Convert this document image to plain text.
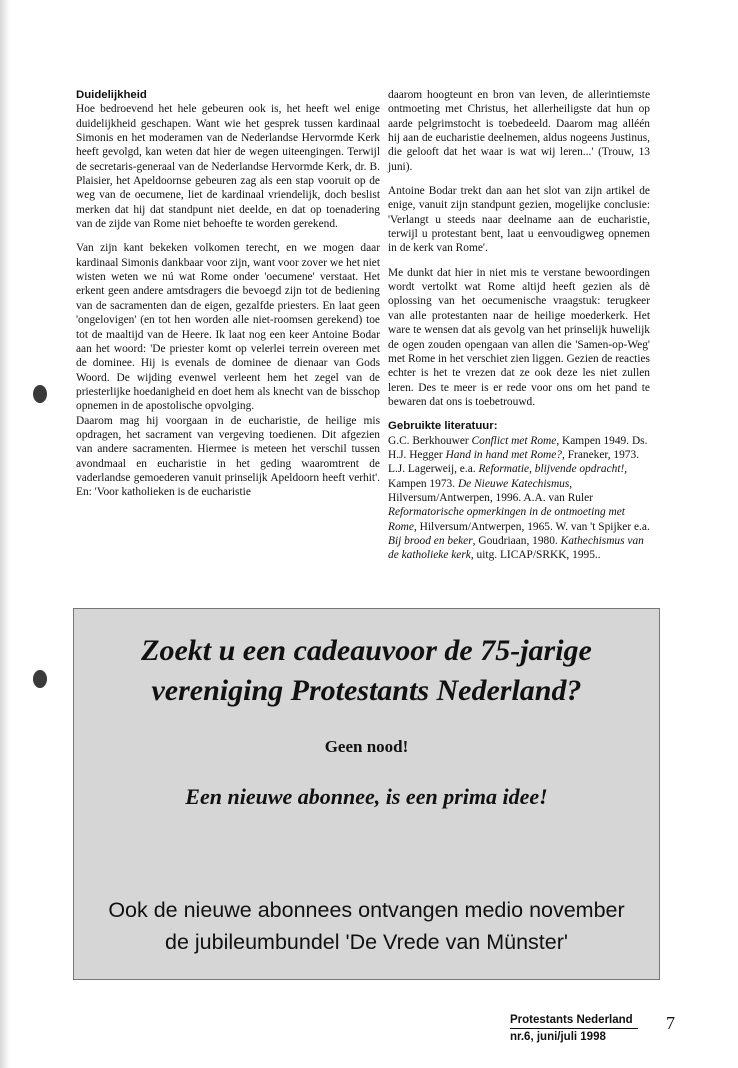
Duidelijkheid

Hoe bedroevend het hele gebeuren ook is, het heeft wel enige duidelijkheid geschapen. Want wie het gesprek tussen kardinaal Simonis en het moderamen van de Nederlandse Hervormde Kerk heeft gevolgd, kan weten dat hier de wegen uiteengingen. Terwijl de secretaris-generaal van de Nederlandse Hervormde Kerk, dr. B. Plaisier, het Apeldoornse gebeuren zag als een stap vooruit op de weg van de oecumene, liet de kardinaal vriendelijk, doch beslist merken dat hij dat standpunt niet deelde, en dat op toenadering van de zijde van Rome niet behoefte te worden gerekend.

Van zijn kant bekeken volkomen terecht, en we mogen daar kardinaal Simonis dankbaar voor zijn, want voor zover we het niet wisten weten we nú wat Rome onder 'oecumene' verstaat. Het erkent geen andere amtsdragers die bevoegd zijn tot de bediening van de sacramenten dan de eigen, gezalfde priesters. En laat geen 'ongelovigen' (en tot hen worden alle niet-roomsen gerekend) toe tot de maaltijd van de Heere. Ik laat nog een keer Antoine Bodar aan het woord: 'De priester komt op velerlei terrein overeen met de dominee. Hij is evenals de dominee de dienaar van Gods Woord. De wijding evenwel verleent hem het zegel van de priesterlijke hoedanigheid en doet hem als knecht van de bisschop opnemen in de apostolische opvolging.

Daarom mag hij voorgaan in de eucharistie, de heilige mis opdragen, het sacrament van vergeving toedienen. Dit afgezien van andere sacramenten. Hiermee is meteen het verschil tussen avondmaal en eucharistie in het geding waaromtrent de vaderlandse gemoederen vanuit prinselijk Apeldoorn heeft verhit'. En: 'Voor katholieken is de eucharistie

daarom hoogteunt en bron van leven, de allerintiemste ontmoeting met Christus, het allerheiligste dat hun op aarde pelgrimstocht is toebedeeld. Daarom mag alléén hij aan de eucharistie deelnemen, aldus nogeens Justinus, die gelooft dat het waar is wat wij leren...' (Trouw, 13 juni).

Antoine Bodar trekt dan aan het slot van zijn artikel de enige, vanuit zijn standpunt gezien, mogelijke conclusie: 'Verlangt u steeds naar deelname aan de eucharistie, terwijl u protestant bent, laat u eenvoudigweg opnemen in de kerk van Rome'.

Me dunkt dat hier in niet mis te verstane bewoordingen wordt vertolkt wat Rome altijd heeft gezien als dè oplossing van het oecumenische vraagstuk: terugkeer van alle protestanten naar de heilige moederkerk. Het ware te wensen dat als gevolg van het prinselijk huwelijk de ogen zouden opengaan van allen die 'Samen-op-Weg' met Rome in het verschiet zien liggen. Gezien de reacties echter is het te vrezen dat ze ook deze les niet zullen leren. Des te meer is er rede voor ons om het pand te bewaren dat ons is toebetrouwd.

Gebruikte literatuur:

G.C. Berkhouwer Conflict met Rome, Kampen 1949. Ds. H.J. Hegger Hand in hand met Rome?, Franeker, 1973. L.J. Lagerweij, e.a. Reformatie, blijvende opdracht!, Kampen 1973. De Nieuwe Katechismus, Hilversum/Antwerpen, 1996. A.A. van Ruler Reformatorische opmerkingen in de ontmoeting met Rome, Hilversum/Antwerpen, 1965. W. van 't Spijker e.a. Bij brood en beker, Goudriaan, 1980. Kathechismus van de katholieke kerk, uitg. LICAP/SRKK, 1995..

Zoekt u een cadeauvoor de 75-jarige
vereniging Protestants Nederland?
Geen nood!
Een nieuwe abonnee, is een prima idee!
Ook de nieuwe abonnees ontvangen medio november
de jubileumbundel 'De Vrede van Münster'
Protestants Nederland
nr.6, juni/juli 1998
7
